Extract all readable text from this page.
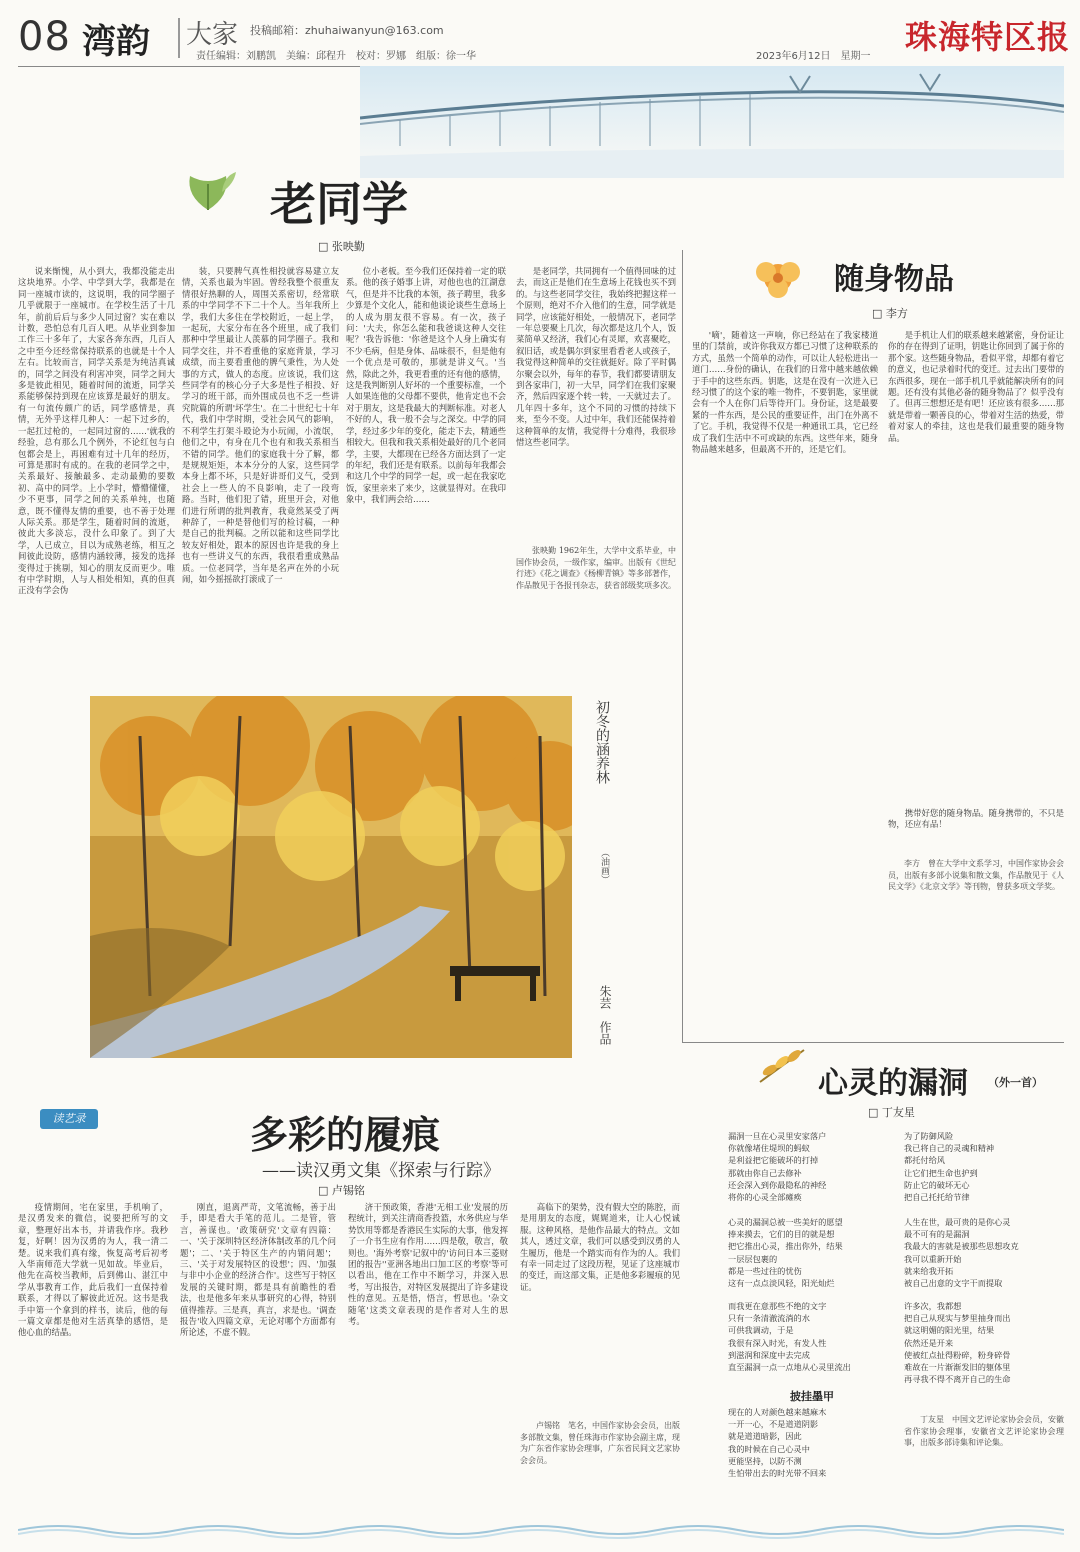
08 湾韵 大家 投稿邮箱：zhuhaiwanyun@163.com
责任编辑：刘鹏凯　美编：邱程升　校对：罗娜　组版：徐一华	2023年6月12日　星期一
珠海特区报
老同学
□ 张映勤

说来惭愧，从小到大，我都没能走出这块地界。小学、中学到大学，我都是在同一座城市读的，这说明，我的同学圈子几乎就限于一座城市。在学校生活了十几年，前前后后与多少人同过窗？实在难以计数，恐怕总有几百人吧。从毕业到参加工作三十多年了，大家各奔东西，几百人之中至今还经常保持联系的也就是十个人左右。比较而言，同学关系是为纯洁真诚的，同学之间没有利害冲突，同学之间大多是彼此相见，随着时间的流逝，同学关系能够保持到现在应该算是最好的朋友。有一句流传颇广的话，同学感情是，真情，无外乎这样几种人：一起下过乡的，一起扛过枪的，一起同过窗的……'就我的经验，总有那么几个例外，不论红包与白包都会是上，再困难有过十几年的经历，可算是那时有成的。在我的老同学之中，关系最好、接触最多、走动最勤的要数初、高中的同学。上小学时，懵懵懂懂，少不更事，同学之间的关系单纯，也随意，既不懂得友情的重要，也不善于处理人际关系。那是学生，随着时间的流逝，彼此大多淡忘，没什么印象了。到了大学，人已成立，目以为成熟老练，相互之间彼此设防，感情内涵较薄，接发的选择变得过于挑剔，知心的朋友反而更少。唯有中学时期，人与人相处相知，真的但真正没有学会伪

装，只要脾气真性相投就容易建立友情，关系也最为牢固。曾经我整个很重友情很好热聊的人，周围关系密切，经常联系的中学同学不下二十个人。当年我所上学，我们大多住在学校附近，一起上学，一起玩，大家分布在各个班里，成了我们那种中学里最让人羡慕的同学圈子。我和同学交往，并不看重他的家庭背景，学习成绩，而主要看重他的脾气秉性，为人处事的方式，做人的态度。应该说，我们这些同学有的核心分子大多是性子相投、好学习的班干部，而外围成员也不乏一些讲究院篇的所谓'坏学生'。在二十世纪七十年代，我们中学时期，受社会风气的影响，不利学生打架斗殴论为小玩闹，小流氓，他们之中，有身在几个也有和我关系相当不错的同学。他们的家庭我十分了解，都是规规矩矩，本本分分的人家，这些同学本身上都不坏，只是好讲哥们义气，受到社会上一些人的不良影响，走了一段弯路。当时，他们犯了错，班里开会，对他们进行所谓的批判教育，我竟然某受了两种辞了，一种是替他们写的检讨稿，一种是自己的批判稿。之所以能和这些同学比较友好相处，跟本的原因也许是我的身上也有一些讲义气的东西，我很看重成熟品质。一位老同学，当年是名声在外的小玩闹，如今摇摇欲打滚成了一

位小老板。至今我们还保持着一定的联系。他的孩子婚事上讲，对他也也的江湖意气，但是并不比我的本领，孩子聘里，我多少算是个文化人，能和他谈论谈些生意场上的人成为朋友很不容易。有一次，孩子问：'大夫，你怎么能和我爸谈这种人交往呢？'我告诉他：'你爸是这个人身上确实有不少毛病，但是身体、品味很不，但是他有一个优点是可敬的，那就是讲义气。'当然，除此之外，我更看重的还有他的感情，这是我判断别人好坏的一个重要标准，一个人如果连他的父母都不要供，他肯定也不会对于朋友，这是我最大的判断标准。对老人不好的人，我一般不会与之深交。中学的同学，经过多少年的变化，能走下去，精通些相较大。但我和我关系相处最好的几个老同学，主要，大都现在已经各方面达到了一定的年纪，我们还是有联系。以前每年我都会和这几个中学的同学一起，或一起在我家吃饭，家里亲来了来少，这就显得对。在我印象中，我们两会给……

是老同学，共同拥有一个值得回味的过去，而这正是他们在生意场上花钱也买不到的。与这些老同学交往，我始终把握这样一个原则，绝对不介入他们的生意，同学就是同学，应该能好相处，一般情况下，老同学一年总要聚上几次，每次都是这几个人，饭菜简单又经济，我们心有灵犀，欢喜聚吃，叙旧话，或是偶尔到家里看看老人或孩子，我觉得这种简单的交往就挺好。除了平时偶尔聚会以外，每年的春节，我们都要请朋友到各家串门，初一大早，同学们在我们家聚齐，然后四家逐个转一转，一天就过去了。几年四十多年，这个不同的习惯的持续下来，至今不变。人过中年，我们还能保持着这种简单的友情，我觉得十分难得，我很珍惜这些老同学。

张映勤 1962年生，大学中文系毕业，中国作协会员，一级作家，编审。出版有《世纪行迹》《花之调查》《杨柳青镇》等多部著作，作品散见于各报刊杂志，获省部级奖项多次。

初冬的涵养林
（油画）
朱芸　作品
随身物品
□ 李方

'嘀'，随着这一声响，你已经站在了我家楼道里的门禁前，或许你我双方都已习惯了这种联系的方式，虽然一个简单的动作，可以让人轻松进出一道门……身份的确认，在我们的日常中越来越依赖于手中的这些东西。钥匙，这是在没有一次进入已经习惯了的这个家的唯一物件，不要钥匙，家里就会有一个人在你门后等待开门。身份证，这是最要紧的一件东西，是公民的重要证件，出门在外离不了它。手机，我觉得不仅是一种通讯工具，它已经成了我们生活中不可或缺的东西。这些年来，随身物品越来越多，但最离不开的，还是它们。

是手机让人们的联系越来越紧密，身份证让你的存在得到了证明，钥匙让你回到了属于你的那个家。这些随身物品，看似平常，却都有着它的意义，也记录着时代的变迁。过去出门要带的东西很多，现在一部手机几乎就能解决所有的问题。还有没有其他必备的随身物品了？似乎没有了。但再三想想还是有吧！还应该有很多……那就是带着一颗善良的心，带着对生活的热爱，带着对家人的牵挂，这也是我们最重要的随身物品。

携带好您的随身物品。随身携带的，不只是物，还应有品！

李方　曾在大学中文系学习，中国作家协会会员，出版有多部小说集和散文集，作品散见于《人民文学》《北京文学》等刊物，曾获多项文学奖。

读艺录	多彩的履痕
——读汉勇文集《探索与行踪》
□ 卢锡铭

疫情期间，宅在家里，手机响了，是汉勇发来的微信，说要把所写的文章，整理好出本书，并请我作序。我秒复，好啊！因为汉勇的为人，我一清二楚。说来我们真有缘，恢复高考后初考入华南师范大学就一见如故。毕业后，他先在高校当教师，后到佛山、湛江中学从事教育工作，此后我们一直保持着联系，才得以了解彼此近况。这书是我手中第一个拿到的样书，读后，他的每一篇文章都是他对生活真挚的感悟，是他心血的结晶。

刚直，退离严苛，文笔流畅，善于出手，即是看大手笔的范儿。二是管，管言，善谋也。'政策研究'文章有四篇：一、'关于深圳特区经济体制改革的几个问题'；二、'关于特区生产的内销问题'；三、'关于对发展特区的设想'；四、'加强与非中小企业的经济合作'。这些写于特区发展的关键时期，都是具有前瞻性的看法，也是他多年来从事研究的心得，特别值得推荐。三是真，真言，求是也。'调查报告'收入四篇文章，无论对哪个方面都有所论述，不虚不假。

济干预政策，香港'无相工业'发展的历程统计，到关注清商香投篮，水务供应与华势饮用等都是香港民生实际的大事，他发挥了一介书生应有作用……四是敬，敬言，敬则也。'海外考察'记叙中的'访问日本三菱财团的报告''亚洲各地出口加工区的考察'等可以看出，他在工作中不断学习，并深入思考，写出报告，对特区发展提出了许多建设性的意见。五是悟，悟言，哲思也。'杂文随笔'这类文章表现的是作者对人生的思考。

高临下的架势，没有假大空的陈腔，而是用朋友的态度，娓娓道来，让人心悦诚服。这种风格，是他作品最大的特点。文如其人，透过文章，我们可以感受到汉勇的人生履历，他是一个踏实而有作为的人。我们有幸一同走过了这段历程，见证了这座城市的变迁，而这部文集，正是他多彩履痕的见证。

卢锡铭　笔名，中国作家协会会员，出版多部散文集，曾任珠海市作家协会副主席，现为广东省作家协会理事，广东省民间文艺家协会会员。

心灵的漏洞 （外一首）
□ 丁友星
漏洞一旦在心灵里安家落户
你就像堵住堤坝的蚂蚁
是利益把它能破坏的打掉
那就由你自己去修补
还会深入到你最隐私的神经
将你的心灵全部瘫痪
心灵的漏洞总被一些美好的愿望
捧来摸去，它们的目的就是想
把它推出心灵，推出你外，结果
一层层包裹的
都是一些过往的忧伤
这有一点点淡风轻，阳光灿烂
而我更在意那些不绝的文字
只有一条清澈流淌的水
可供我调动，于是
我很有深入时光，有发人性
到滋润和深度中去完成
直至漏洞一点一点地从心灵里流出
披挂墨甲
现在的人对颜色越来越麻木
一开一心，不是道道阴影
就是道道暗影，因此
我的时候在自己心灵中
更能坚持，以防不测
生怕带出去的时光带不回来
为了防御风险
我已将自己的灵魂和精神
都托付给风
让它们把生命也护到
防止它的破坏无心
把自己托托给节律
人生在世，最可贵的是你心灵
最不可有的是漏洞
我最大的害就是被那些思想攻克
我可以重新开始
就来给我开拓
被自己出意的文字干而提取
许多次，我都想
把自己从现实与梦里抽身而出
就这明媚的阳光里，结果
依然还是开来
使被红点扯得粉碎，粉身碎骨
难故在一片渐渐发旧的躯体里
再寻我不得不离开自己的生命

丁友星　中国文艺评论家协会会员，安徽省作家协会理事，安徽省文艺评论家协会理事，出版多部诗集和评论集。
